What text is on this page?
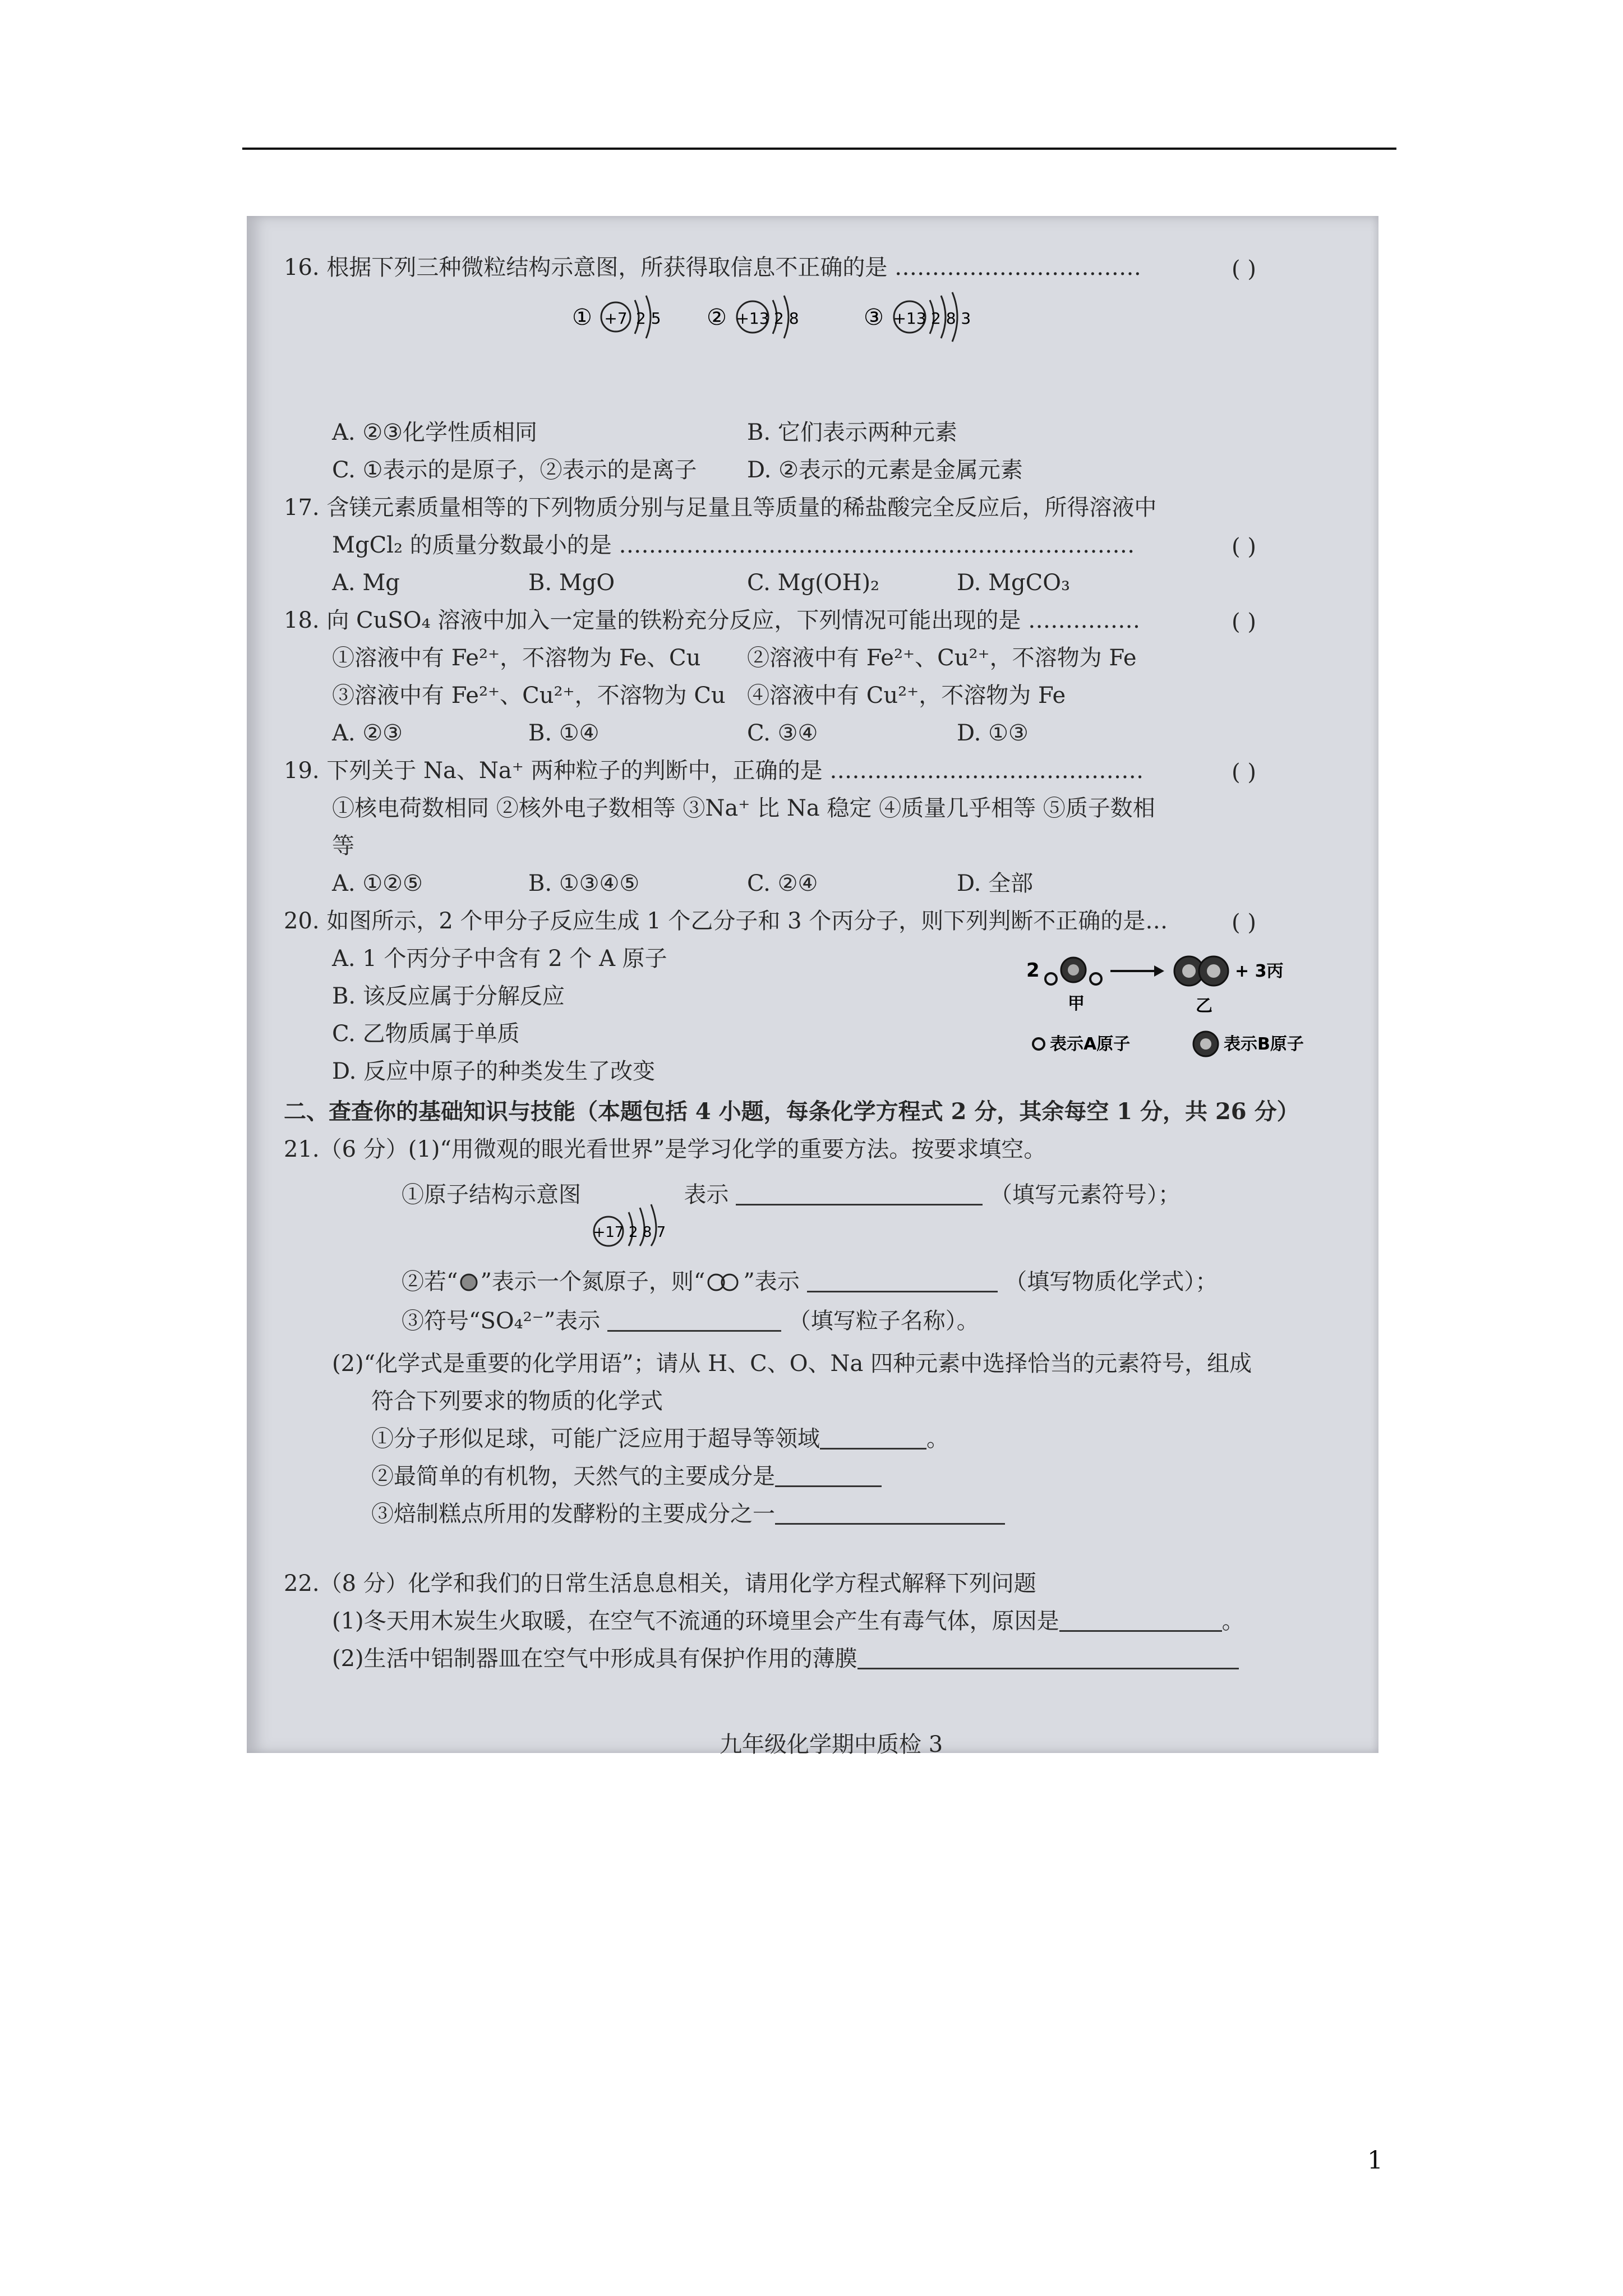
16. 根据下列三种微粒结构示意图，所获得取信息不正确的是 ……………………………	( )
① +7 2 5 ② +13 2 8	③ +13 2 8 3
A. ②③化学性质相同	B. 它们表示两种元素
C. ①表示的是原子，②表示的是离子 D. ②表示的元素是金属元素
17. 含镁元素质量相等的下列物质分别与足量且等质量的稀盐酸完全反应后，所得溶液中
MgCl₂ 的质量分数最小的是 ……………………………………………………………	( )
A. Mg	B. MgO	C. Mg(OH)₂	D. MgCO₃
18. 向 CuSO₄ 溶液中加入一定量的铁粉充分反应，下列情况可能出现的是 ……………	( )
①溶液中有 Fe²⁺，不溶物为 Fe、Cu ②溶液中有 Fe²⁺、Cu²⁺，不溶物为 Fe
③溶液中有 Fe²⁺、Cu²⁺，不溶物为 Cu ④溶液中有 Cu²⁺，不溶物为 Fe
A. ②③	B. ①④	C. ③④	D. ①③
19. 下列关于 Na、Na⁺ 两种粒子的判断中，正确的是 ……………………………………	( )
①核电荷数相同 ②核外电子数相等 ③Na⁺ 比 Na 稳定 ④质量几乎相等 ⑤质子数相
等
A. ①②⑤	B. ①③④⑤	C. ②④	D. 全部
20. 如图所示，2 个甲分子反应生成 1 个乙分子和 3 个丙分子，则下列判断不正确的是…	( )
A. 1 个丙分子中含有 2 个 A 原子
B. 该反应属于分解反应
C. 乙物质属于单质
D. 反应中原子的种类发生了改变
2	+ 3丙
甲	乙
表示A原子	表示B原子
二、查查你的基础知识与技能（本题包括 4 小题，每条化学方程式 2 分，其余每空 1 分，共 26 分）
21.（6 分）(1)“用微观的眼光看世界”是学习化学的重要方法。按要求填空。
①原子结构示意图
+17 2 8 7
表示	（填写元素符号）；
②若“ ”表示一个氮原子，则“ ”表示	（填写物质化学式）；
③符号“SO₄²⁻”表示	（填写粒子名称）。
(2)“化学式是重要的化学用语”；请从 H、C、O、Na 四种元素中选择恰当的元素符号，组成
符合下列要求的物质的化学式
①分子形似足球，可能广泛应用于超导等领域	。
②最简单的有机物，天然气的主要成分是
③焙制糕点所用的发酵粉的主要成分之一
22.（8 分）化学和我们的日常生活息息相关，请用化学方程式解释下列问题
(1)冬天用木炭生火取暖，在空气不流通的环境里会产生有毒气体，原因是	。
(2)生活中铝制器皿在空气中形成具有保护作用的薄膜
九年级化学期中质检 3
1
